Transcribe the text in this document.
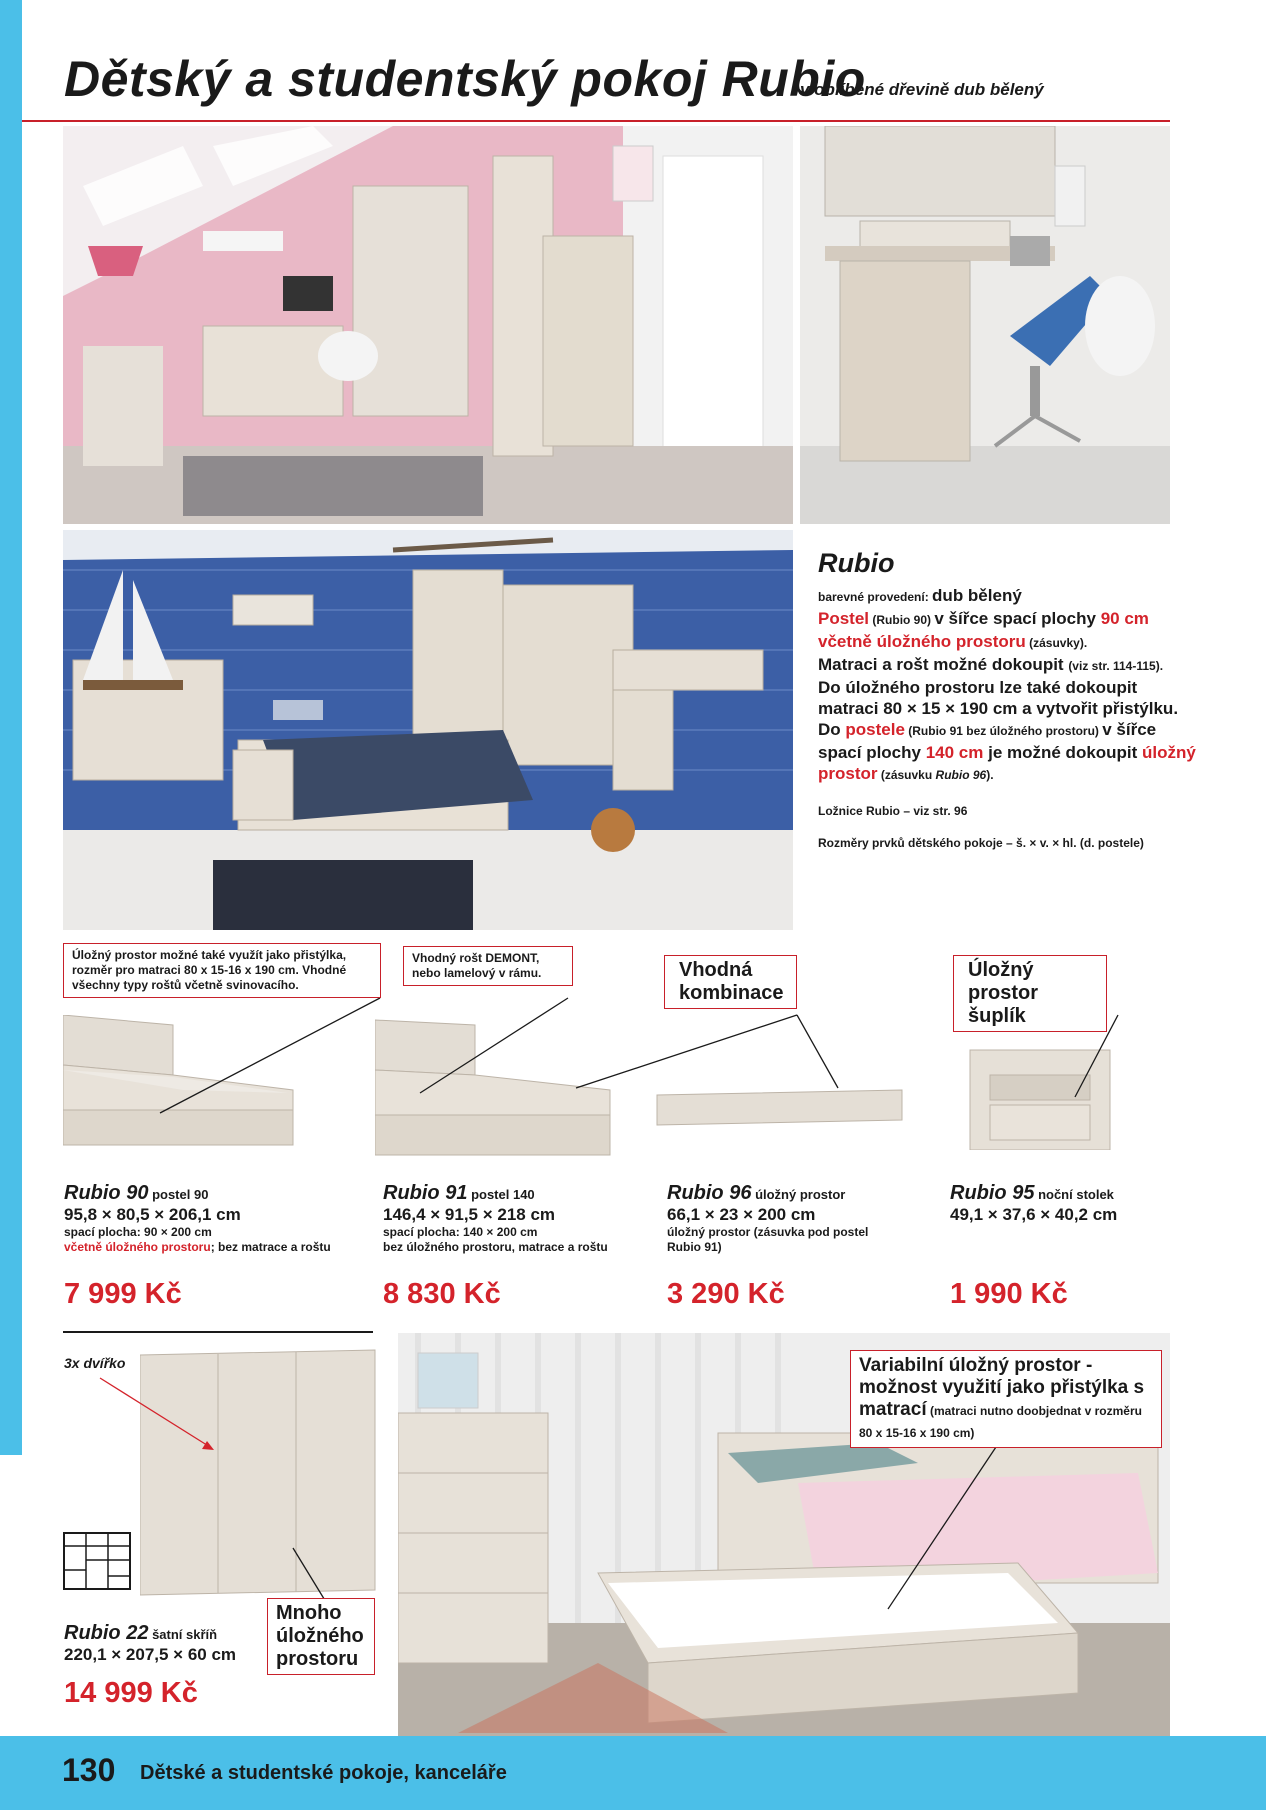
130 Dětské a studentské pokoje, kanceláře
Dětský a studentský pokoj Rubio
v oblíbené dřevině dub bělený
Rubio

barevné provedení: dub bělený

Postel (Rubio 90) v šířce spací plochy 90 cm

včetně úložného prostoru (zásuvky).

Matraci a rošt možné dokoupit (viz str. 114-115).

Do úložného prostoru lze také dokoupit matraci 80 × 15 × 190 cm a vytvořit přistýlku.

Do postele (Rubio 91 bez úložného prostoru) v šířce spací plochy 140 cm je možné dokoupit úložný prostor (zásuvku Rubio 96).

Ložnice Rubio – viz str. 96
Rozměry prvků dětského pokoje – š. × v. × hl. (d. postele)
Rubio 90 postel 90
95,8 × 80,5 × 206,1 cm
spací plocha: 90 × 200 cm
včetně úložného prostoru; bez matrace a roštu
7 999 Kč
Rubio 91 postel 140
146,4 × 91,5 × 218 cm
spací plocha: 140 × 200 cm
bez úložného prostoru, matrace a roštu
8 830 Kč
Rubio 96 úložný prostor
66,1 × 23 × 200 cm
úložný prostor (zásuvka pod postel Rubio 91)
3 290 Kč
Rubio 95 noční stolek
49,1 × 37,6 × 40,2 cm
1 990 Kč
3x dvířko
Rubio 22 šatní skříň
220,1 × 207,5 × 60 cm
14 999 Kč
Úložný prostor možné také využít jako přistýlka, rozměr pro matraci 80 x 15-16 x 190 cm. Vhodné všechny typy roštů včetně svinovacího.
Vhodný rošt DEMONT, nebo lamelový v rámu.	Vhodná kombinace
Úložný prostor šuplík
Variabilní úložný prostor - možnost využití jako přistýlka s matrací (matraci nutno doobjednat v rozměru 80 x 15-16 x 190 cm)
Mnoho úložného prostoru
